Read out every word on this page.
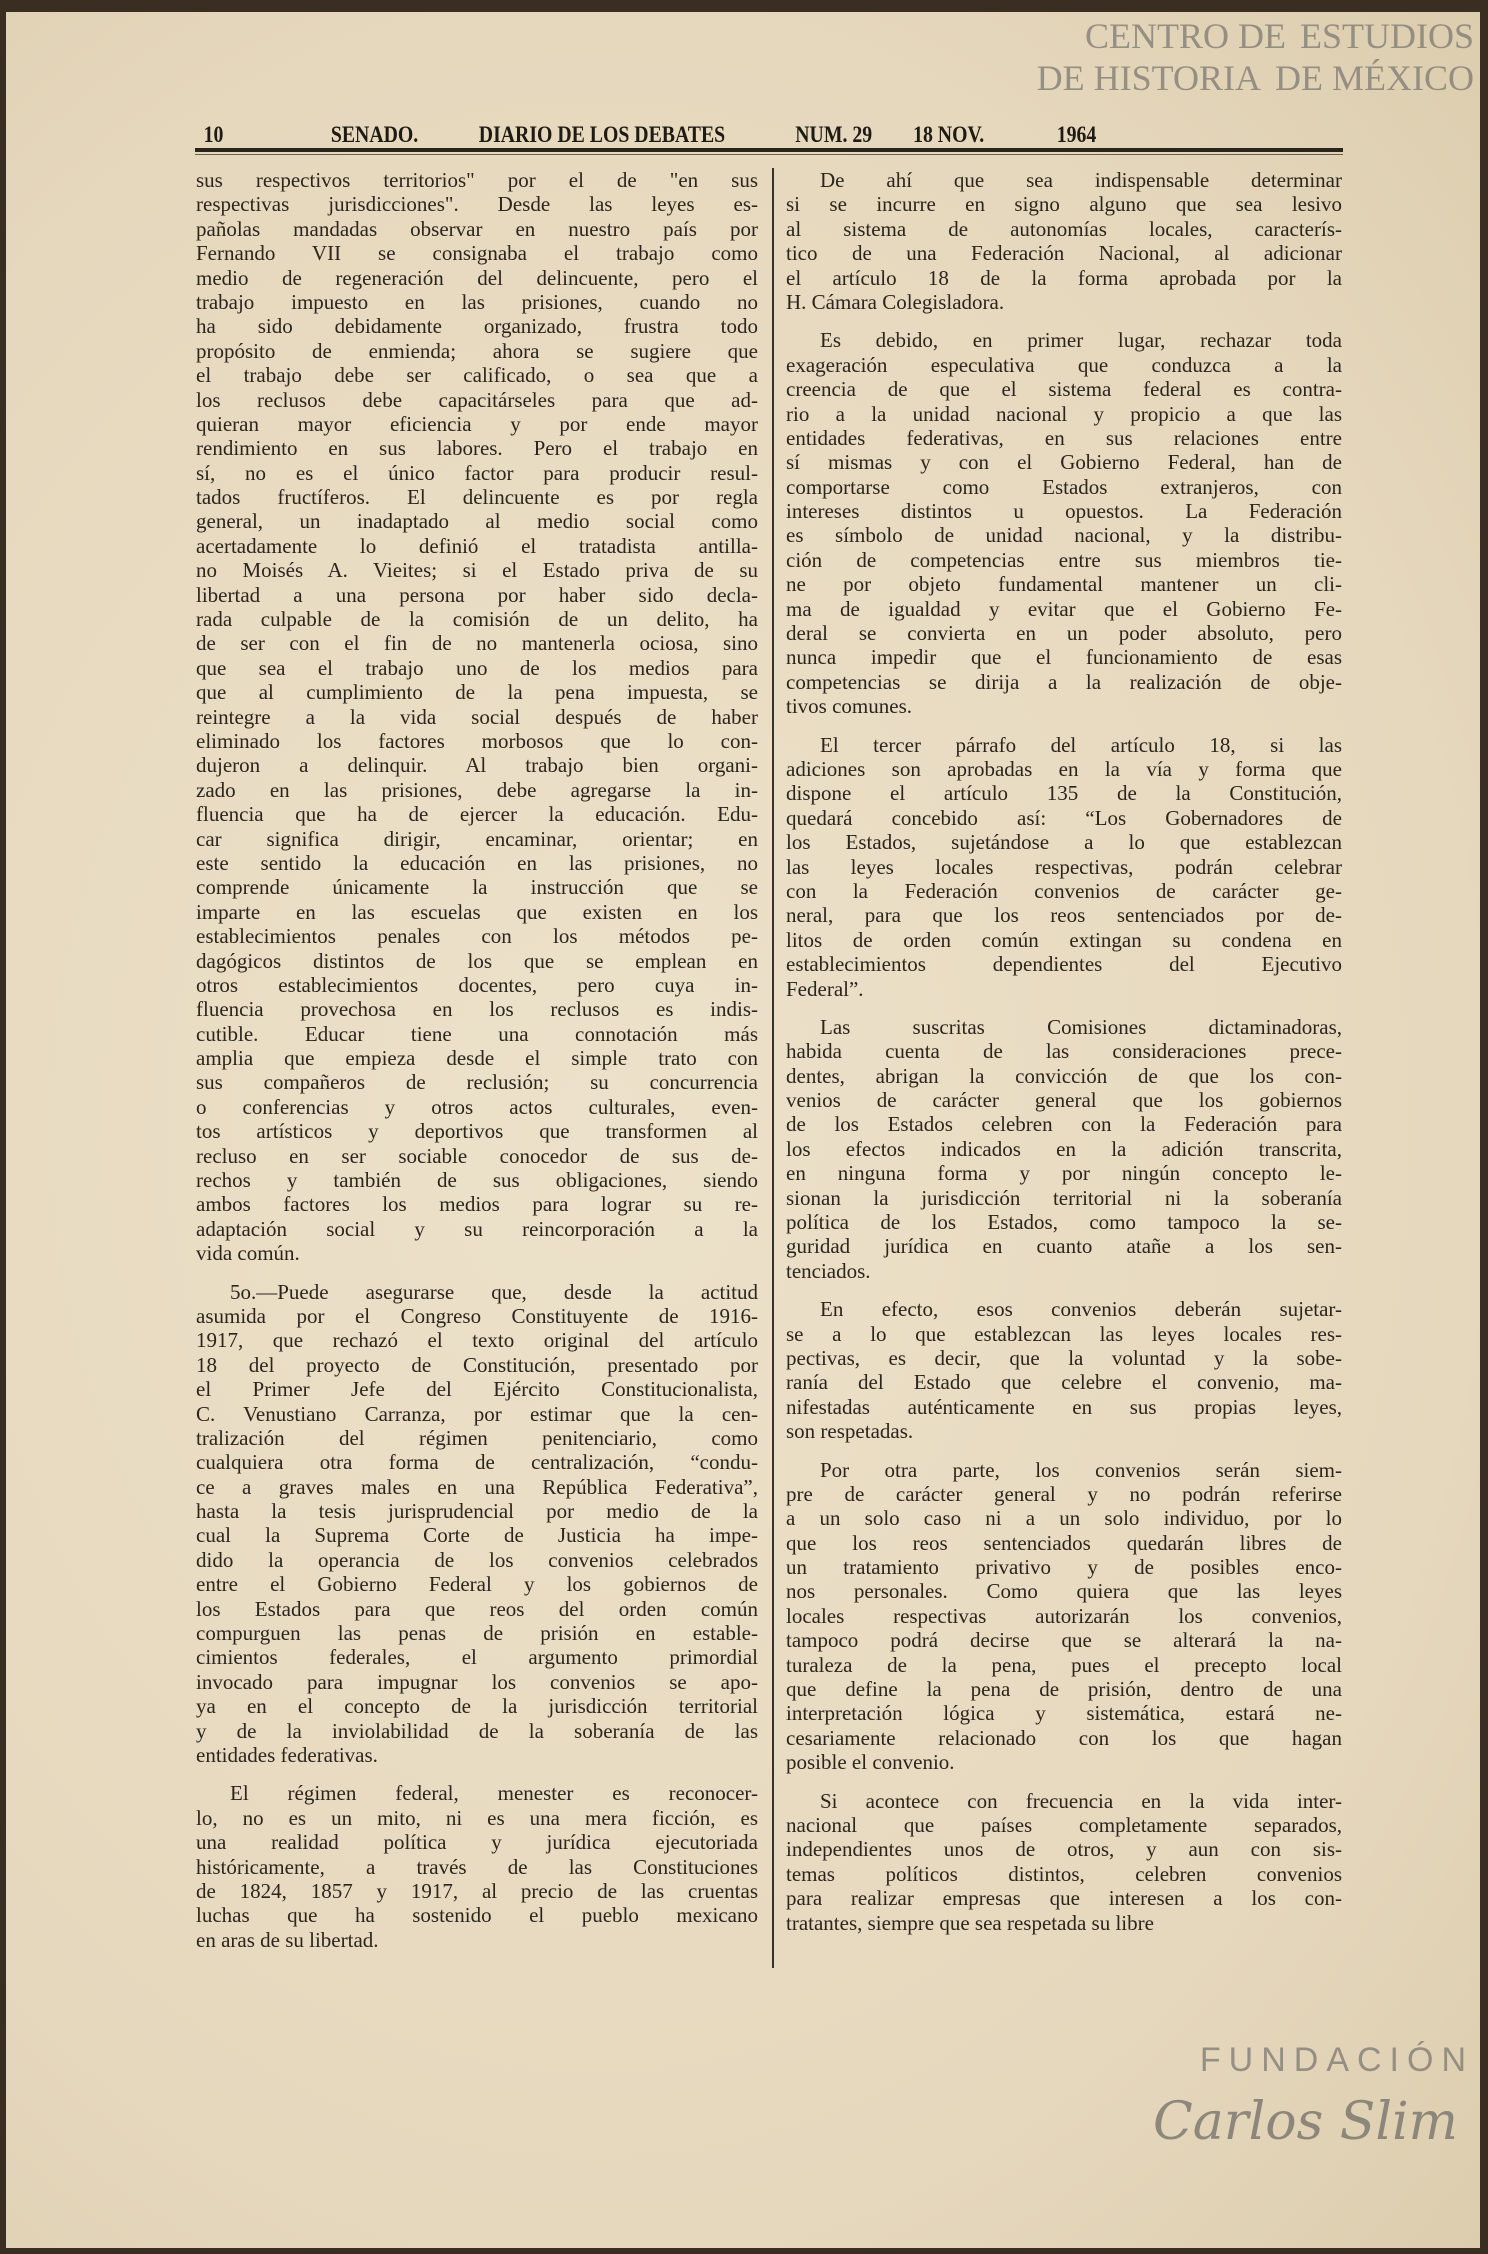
10	SENADO.	DIARIO DE LOS DEBATES	NUM. 29 18 NOV.	1964
sus respectivos territorios" por el de "en sus
respectivas jurisdicciones". Desde las leyes es-
pañolas mandadas observar en nuestro país por
Fernando VII se consignaba el trabajo como
medio de regeneración del delincuente, pero el
trabajo impuesto en las prisiones, cuando no
ha sido debidamente organizado, frustra todo
propósito de enmienda; ahora se sugiere que
el trabajo debe ser calificado, o sea que a
los reclusos debe capacitárseles para que ad-
quieran mayor eficiencia y por ende mayor
rendimiento en sus labores. Pero el trabajo en
sí, no es el único factor para producir resul-
tados fructíferos. El delincuente es por regla
general, un inadaptado al medio social como
acertadamente lo definió el tratadista antilla-
no Moisés A. Vieites; si el Estado priva de su
libertad a una persona por haber sido decla-
rada culpable de la comisión de un delito, ha
de ser con el fin de no mantenerla ociosa, sino
que sea el trabajo uno de los medios para
que al cumplimiento de la pena impuesta, se
reintegre a la vida social después de haber
eliminado los factores morbosos que lo con-
dujeron a delinquir. Al trabajo bien organi-
zado en las prisiones, debe agregarse la in-
fluencia que ha de ejercer la educación. Edu-
car significa dirigir, encaminar, orientar; en
este sentido la educación en las prisiones, no
comprende únicamente la instrucción que se
imparte en las escuelas que existen en los
establecimientos penales con los métodos pe-
dagógicos distintos de los que se emplean en
otros establecimientos docentes, pero cuya in-
fluencia provechosa en los reclusos es indis-
cutible. Educar tiene una connotación más
amplia que empieza desde el simple trato con
sus compañeros de reclusión; su concurrencia
o conferencias y otros actos culturales, even-
tos artísticos y deportivos que transformen al
recluso en ser sociable conocedor de sus de-
rechos y también de sus obligaciones, siendo
ambos factores los medios para lograr su re-
adaptación social y su reincorporación a la
vida común.
5o.—Puede asegurarse que, desde la actitud
asumida por el Congreso Constituyente de 1916-
1917, que rechazó el texto original del artículo
18 del proyecto de Constitución, presentado por
el Primer Jefe del Ejército Constitucionalista,
C. Venustiano Carranza, por estimar que la cen-
tralización del régimen penitenciario, como
cualquiera otra forma de centralización, “condu-
ce a graves males en una República Federativa”,
hasta la tesis jurisprudencial por medio de la
cual la Suprema Corte de Justicia ha impe-
dido la operancia de los convenios celebrados
entre el Gobierno Federal y los gobiernos de
los Estados para que reos del orden común
compurguen las penas de prisión en estable-
cimientos federales, el argumento primordial
invocado para impugnar los convenios se apo-
ya en el concepto de la jurisdicción territorial
y de la inviolabilidad de la soberanía de las
entidades federativas.
El régimen federal, menester es reconocer-
lo, no es un mito, ni es una mera ficción, es
una realidad política y jurídica ejecutoriada
históricamente, a través de las Constituciones
de 1824, 1857 y 1917, al precio de las cruentas
luchas que ha sostenido el pueblo mexicano
en aras de su libertad.
De ahí que sea indispensable determinar
si se incurre en signo alguno que sea lesivo
al sistema de autonomías locales, caracterís-
tico de una Federación Nacional, al adicionar
el artículo 18 de la forma aprobada por la
H. Cámara Colegisladora.
Es debido, en primer lugar, rechazar toda
exageración especulativa que conduzca a la
creencia de que el sistema federal es contra-
rio a la unidad nacional y propicio a que las
entidades federativas, en sus relaciones entre
sí mismas y con el Gobierno Federal, han de
comportarse como Estados extranjeros, con
intereses distintos u opuestos. La Federación
es símbolo de unidad nacional, y la distribu-
ción de competencias entre sus miembros tie-
ne por objeto fundamental mantener un cli-
ma de igualdad y evitar que el Gobierno Fe-
deral se convierta en un poder absoluto, pero
nunca impedir que el funcionamiento de esas
competencias se dirija a la realización de obje-
tivos comunes.
El tercer párrafo del artículo 18, si las
adiciones son aprobadas en la vía y forma que
dispone el artículo 135 de la Constitución,
quedará concebido así: “Los Gobernadores de
los Estados, sujetándose a lo que establezcan
las leyes locales respectivas, podrán celebrar
con la Federación convenios de carácter ge-
neral, para que los reos sentenciados por de-
litos de orden común extingan su condena en
establecimientos dependientes del Ejecutivo
Federal”.
Las suscritas Comisiones dictaminadoras,
habida cuenta de las consideraciones prece-
dentes, abrigan la convicción de que los con-
venios de carácter general que los gobiernos
de los Estados celebren con la Federación para
los efectos indicados en la adición transcrita,
en ninguna forma y por ningún concepto le-
sionan la jurisdicción territorial ni la soberanía
política de los Estados, como tampoco la se-
guridad jurídica en cuanto atañe a los sen-
tenciados.
En efecto, esos convenios deberán sujetar-
se a lo que establezcan las leyes locales res-
pectivas, es decir, que la voluntad y la sobe-
ranía del Estado que celebre el convenio, ma-
nifestadas auténticamente en sus propias leyes,
son respetadas.
Por otra parte, los convenios serán siem-
pre de carácter general y no podrán referirse
a un solo caso ni a un solo individuo, por lo
que los reos sentenciados quedarán libres de
un tratamiento privativo y de posibles enco-
nos personales. Como quiera que las leyes
locales respectivas autorizarán los convenios,
tampoco podrá decirse que se alterará la na-
turaleza de la pena, pues el precepto local
que define la pena de prisión, dentro de una
interpretación lógica y sistemática, estará ne-
cesariamente relacionado con los que hagan
posible el convenio.
Si acontece con frecuencia en la vida inter-
nacional que países completamente separados,
independientes unos de otros, y aun con sis-
temas políticos distintos, celebren convenios
para realizar empresas que interesen a los con-
tratantes, siempre que sea respetada su libre
CENTRO DE ESTUDIOS
DE HISTORIA DE MÉXICO
FUNDACIÓN
Carlos Slim
